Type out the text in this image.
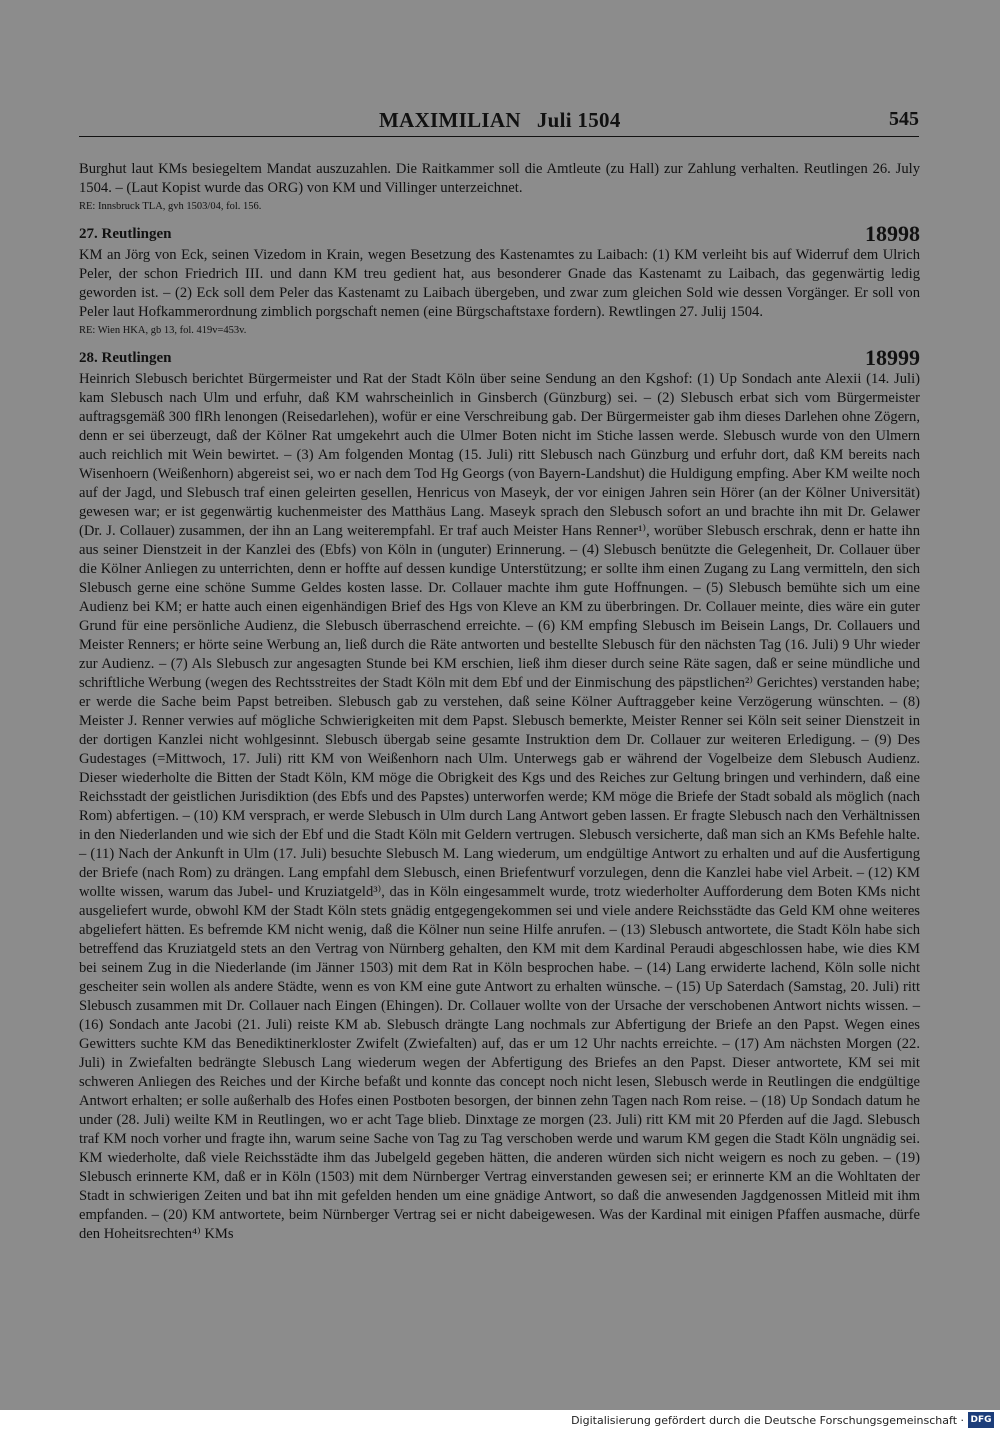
MAXIMILIAN Juli 1504	545

Burghut laut KMs besiegeltem Mandat auszuzahlen. Die Raitkammer soll die Amtleute (zu Hall) zur Zahlung verhalten. Reutlingen 26. July 1504. – (Laut Kopist wurde das ORG) von KM und Villinger unterzeichnet.

RE: Innsbruck TLA, gvh 1503/04, fol. 156.

27. Reutlingen	18998

KM an Jörg von Eck, seinen Vizedom in Krain, wegen Besetzung des Kastenamtes zu Laibach: (1) KM verleiht bis auf Widerruf dem Ulrich Peler, der schon Friedrich III. und dann KM treu gedient hat, aus besonderer Gnade das Kastenamt zu Laibach, das gegenwärtig ledig geworden ist. – (2) Eck soll dem Peler das Kastenamt zu Laibach übergeben, und zwar zum gleichen Sold wie dessen Vorgänger. Er soll von Peler laut Hofkammerordnung zimblich porgschaft nemen (eine Bürgschaftstaxe fordern). Rewtlingen 27. Julij 1504.

RE: Wien HKA, gb 13, fol. 419v=453v.

28. Reutlingen	18999

Heinrich Slebusch berichtet Bürgermeister und Rat der Stadt Köln über seine Sendung an den Kgshof: (1) Up Sondach ante Alexii (14. Juli) kam Slebusch nach Ulm und erfuhr, daß KM wahrscheinlich in Ginsberch (Günzburg) sei. – (2) Slebusch erbat sich vom Bürgermeister auftragsgemäß 300 flRh lenongen (Reisedarlehen), wofür er eine Verschreibung gab. Der Bürgermeister gab ihm dieses Darlehen ohne Zögern, denn er sei überzeugt, daß der Kölner Rat umgekehrt auch die Ulmer Boten nicht im Stiche lassen werde. Slebusch wurde von den Ulmern auch reichlich mit Wein bewirtet. – (3) Am folgenden Montag (15. Juli) ritt Slebusch nach Günzburg und erfuhr dort, daß KM bereits nach Wisenhoern (Weißenhorn) abgereist sei, wo er nach dem Tod Hg Georgs (von Bayern-Landshut) die Huldigung empfing. Aber KM weilte noch auf der Jagd, und Slebusch traf einen geleirten gesellen, Henricus von Maseyk, der vor einigen Jahren sein Hörer (an der Kölner Universität) gewesen war; er ist gegenwärtig kuchenmeister des Matthäus Lang. Maseyk sprach den Slebusch sofort an und brachte ihn mit Dr. Gelawer (Dr. J. Collauer) zusammen, der ihn an Lang weiterempfahl. Er traf auch Meister Hans Renner¹⁾, worüber Slebusch erschrak, denn er hatte ihn aus seiner Dienstzeit in der Kanzlei des (Ebfs) von Köln in (unguter) Erinnerung. – (4) Slebusch benützte die Gelegenheit, Dr. Collauer über die Kölner Anliegen zu unterrichten, denn er hoffte auf dessen kundige Unterstützung; er sollte ihm einen Zugang zu Lang vermitteln, den sich Slebusch gerne eine schöne Summe Geldes kosten lasse. Dr. Collauer machte ihm gute Hoffnungen. – (5) Slebusch bemühte sich um eine Audienz bei KM; er hatte auch einen eigenhändigen Brief des Hgs von Kleve an KM zu überbringen. Dr. Collauer meinte, dies wäre ein guter Grund für eine persönliche Audienz, die Slebusch überraschend erreichte. – (6) KM empfing Slebusch im Beisein Langs, Dr. Collauers und Meister Renners; er hörte seine Werbung an, ließ durch die Räte antworten und bestellte Slebusch für den nächsten Tag (16. Juli) 9 Uhr wieder zur Audienz. – (7) Als Slebusch zur angesagten Stunde bei KM erschien, ließ ihm dieser durch seine Räte sagen, daß er seine mündliche und schriftliche Werbung (wegen des Rechtsstreites der Stadt Köln mit dem Ebf und der Einmischung des päpstlichen²⁾ Gerichtes) verstanden habe; er werde die Sache beim Papst betreiben. Slebusch gab zu verstehen, daß seine Kölner Auftraggeber keine Verzögerung wünschten. – (8) Meister J. Renner verwies auf mögliche Schwierigkeiten mit dem Papst. Slebusch bemerkte, Meister Renner sei Köln seit seiner Dienstzeit in der dortigen Kanzlei nicht wohlgesinnt. Slebusch übergab seine gesamte Instruktion dem Dr. Collauer zur weiteren Erledigung. – (9) Des Gudestages (=Mittwoch, 17. Juli) ritt KM von Weißenhorn nach Ulm. Unterwegs gab er während der Vogelbeize dem Slebusch Audienz. Dieser wiederholte die Bitten der Stadt Köln, KM möge die Obrigkeit des Kgs und des Reiches zur Geltung bringen und verhindern, daß eine Reichsstadt der geistlichen Jurisdiktion (des Ebfs und des Papstes) unterworfen werde; KM möge die Briefe der Stadt sobald als möglich (nach Rom) abfertigen. – (10) KM versprach, er werde Slebusch in Ulm durch Lang Antwort geben lassen. Er fragte Slebusch nach den Verhältnissen in den Niederlanden und wie sich der Ebf und die Stadt Köln mit Geldern vertrugen. Slebusch versicherte, daß man sich an KMs Befehle halte. – (11) Nach der Ankunft in Ulm (17. Juli) besuchte Slebusch M. Lang wiederum, um endgültige Antwort zu erhalten und auf die Ausfertigung der Briefe (nach Rom) zu drängen. Lang empfahl dem Slebusch, einen Briefentwurf vorzulegen, denn die Kanzlei habe viel Arbeit. – (12) KM wollte wissen, warum das Jubel- und Kruziatgeld³⁾, das in Köln eingesammelt wurde, trotz wiederholter Aufforderung dem Boten KMs nicht ausgeliefert wurde, obwohl KM der Stadt Köln stets gnädig entgegengekommen sei und viele andere Reichsstädte das Geld KM ohne weiteres abgeliefert hätten. Es befremde KM nicht wenig, daß die Kölner nun seine Hilfe anrufen. – (13) Slebusch antwortete, die Stadt Köln habe sich betreffend das Kruziatgeld stets an den Vertrag von Nürnberg gehalten, den KM mit dem Kardinal Peraudi abgeschlossen habe, wie dies KM bei seinem Zug in die Niederlande (im Jänner 1503) mit dem Rat in Köln besprochen habe. – (14) Lang erwiderte lachend, Köln solle nicht gescheiter sein wollen als andere Städte, wenn es von KM eine gute Antwort zu erhalten wünsche. – (15) Up Saterdach (Samstag, 20. Juli) ritt Slebusch zusammen mit Dr. Collauer nach Eingen (Ehingen). Dr. Collauer wollte von der Ursache der verschobenen Antwort nichts wissen. – (16) Sondach ante Jacobi (21. Juli) reiste KM ab. Slebusch drängte Lang nochmals zur Abfertigung der Briefe an den Papst. Wegen eines Gewitters suchte KM das Benediktinerkloster Zwifelt (Zwiefalten) auf, das er um 12 Uhr nachts erreichte. – (17) Am nächsten Morgen (22. Juli) in Zwiefalten bedrängte Slebusch Lang wiederum wegen der Abfertigung des Briefes an den Papst. Dieser antwortete, KM sei mit schweren Anliegen des Reiches und der Kirche befaßt und konnte das concept noch nicht lesen, Slebusch werde in Reutlingen die endgültige Antwort erhalten; er solle außerhalb des Hofes einen Postboten besorgen, der binnen zehn Tagen nach Rom reise. – (18) Up Sondach datum he under (28. Juli) weilte KM in Reutlingen, wo er acht Tage blieb. Dinxtage ze morgen (23. Juli) ritt KM mit 20 Pferden auf die Jagd. Slebusch traf KM noch vorher und fragte ihn, warum seine Sache von Tag zu Tag verschoben werde und warum KM gegen die Stadt Köln ungnädig sei. KM wiederholte, daß viele Reichsstädte ihm das Jubelgeld gegeben hätten, die anderen würden sich nicht weigern es noch zu geben. – (19) Slebusch erinnerte KM, daß er in Köln (1503) mit dem Nürnberger Vertrag einverstanden gewesen sei; er erinnerte KM an die Wohltaten der Stadt in schwierigen Zeiten und bat ihn mit gefelden henden um eine gnädige Antwort, so daß die anwesenden Jagdgenossen Mitleid mit ihm empfanden. – (20) KM antwortete, beim Nürnberger Vertrag sei er nicht dabeigewesen. Was der Kardinal mit einigen Pfaffen ausmache, dürfe den Hoheitsrechten⁴⁾ KMs

Digitalisierung gefördert durch die Deutsche Forschungsgemeinschaft · DFG
